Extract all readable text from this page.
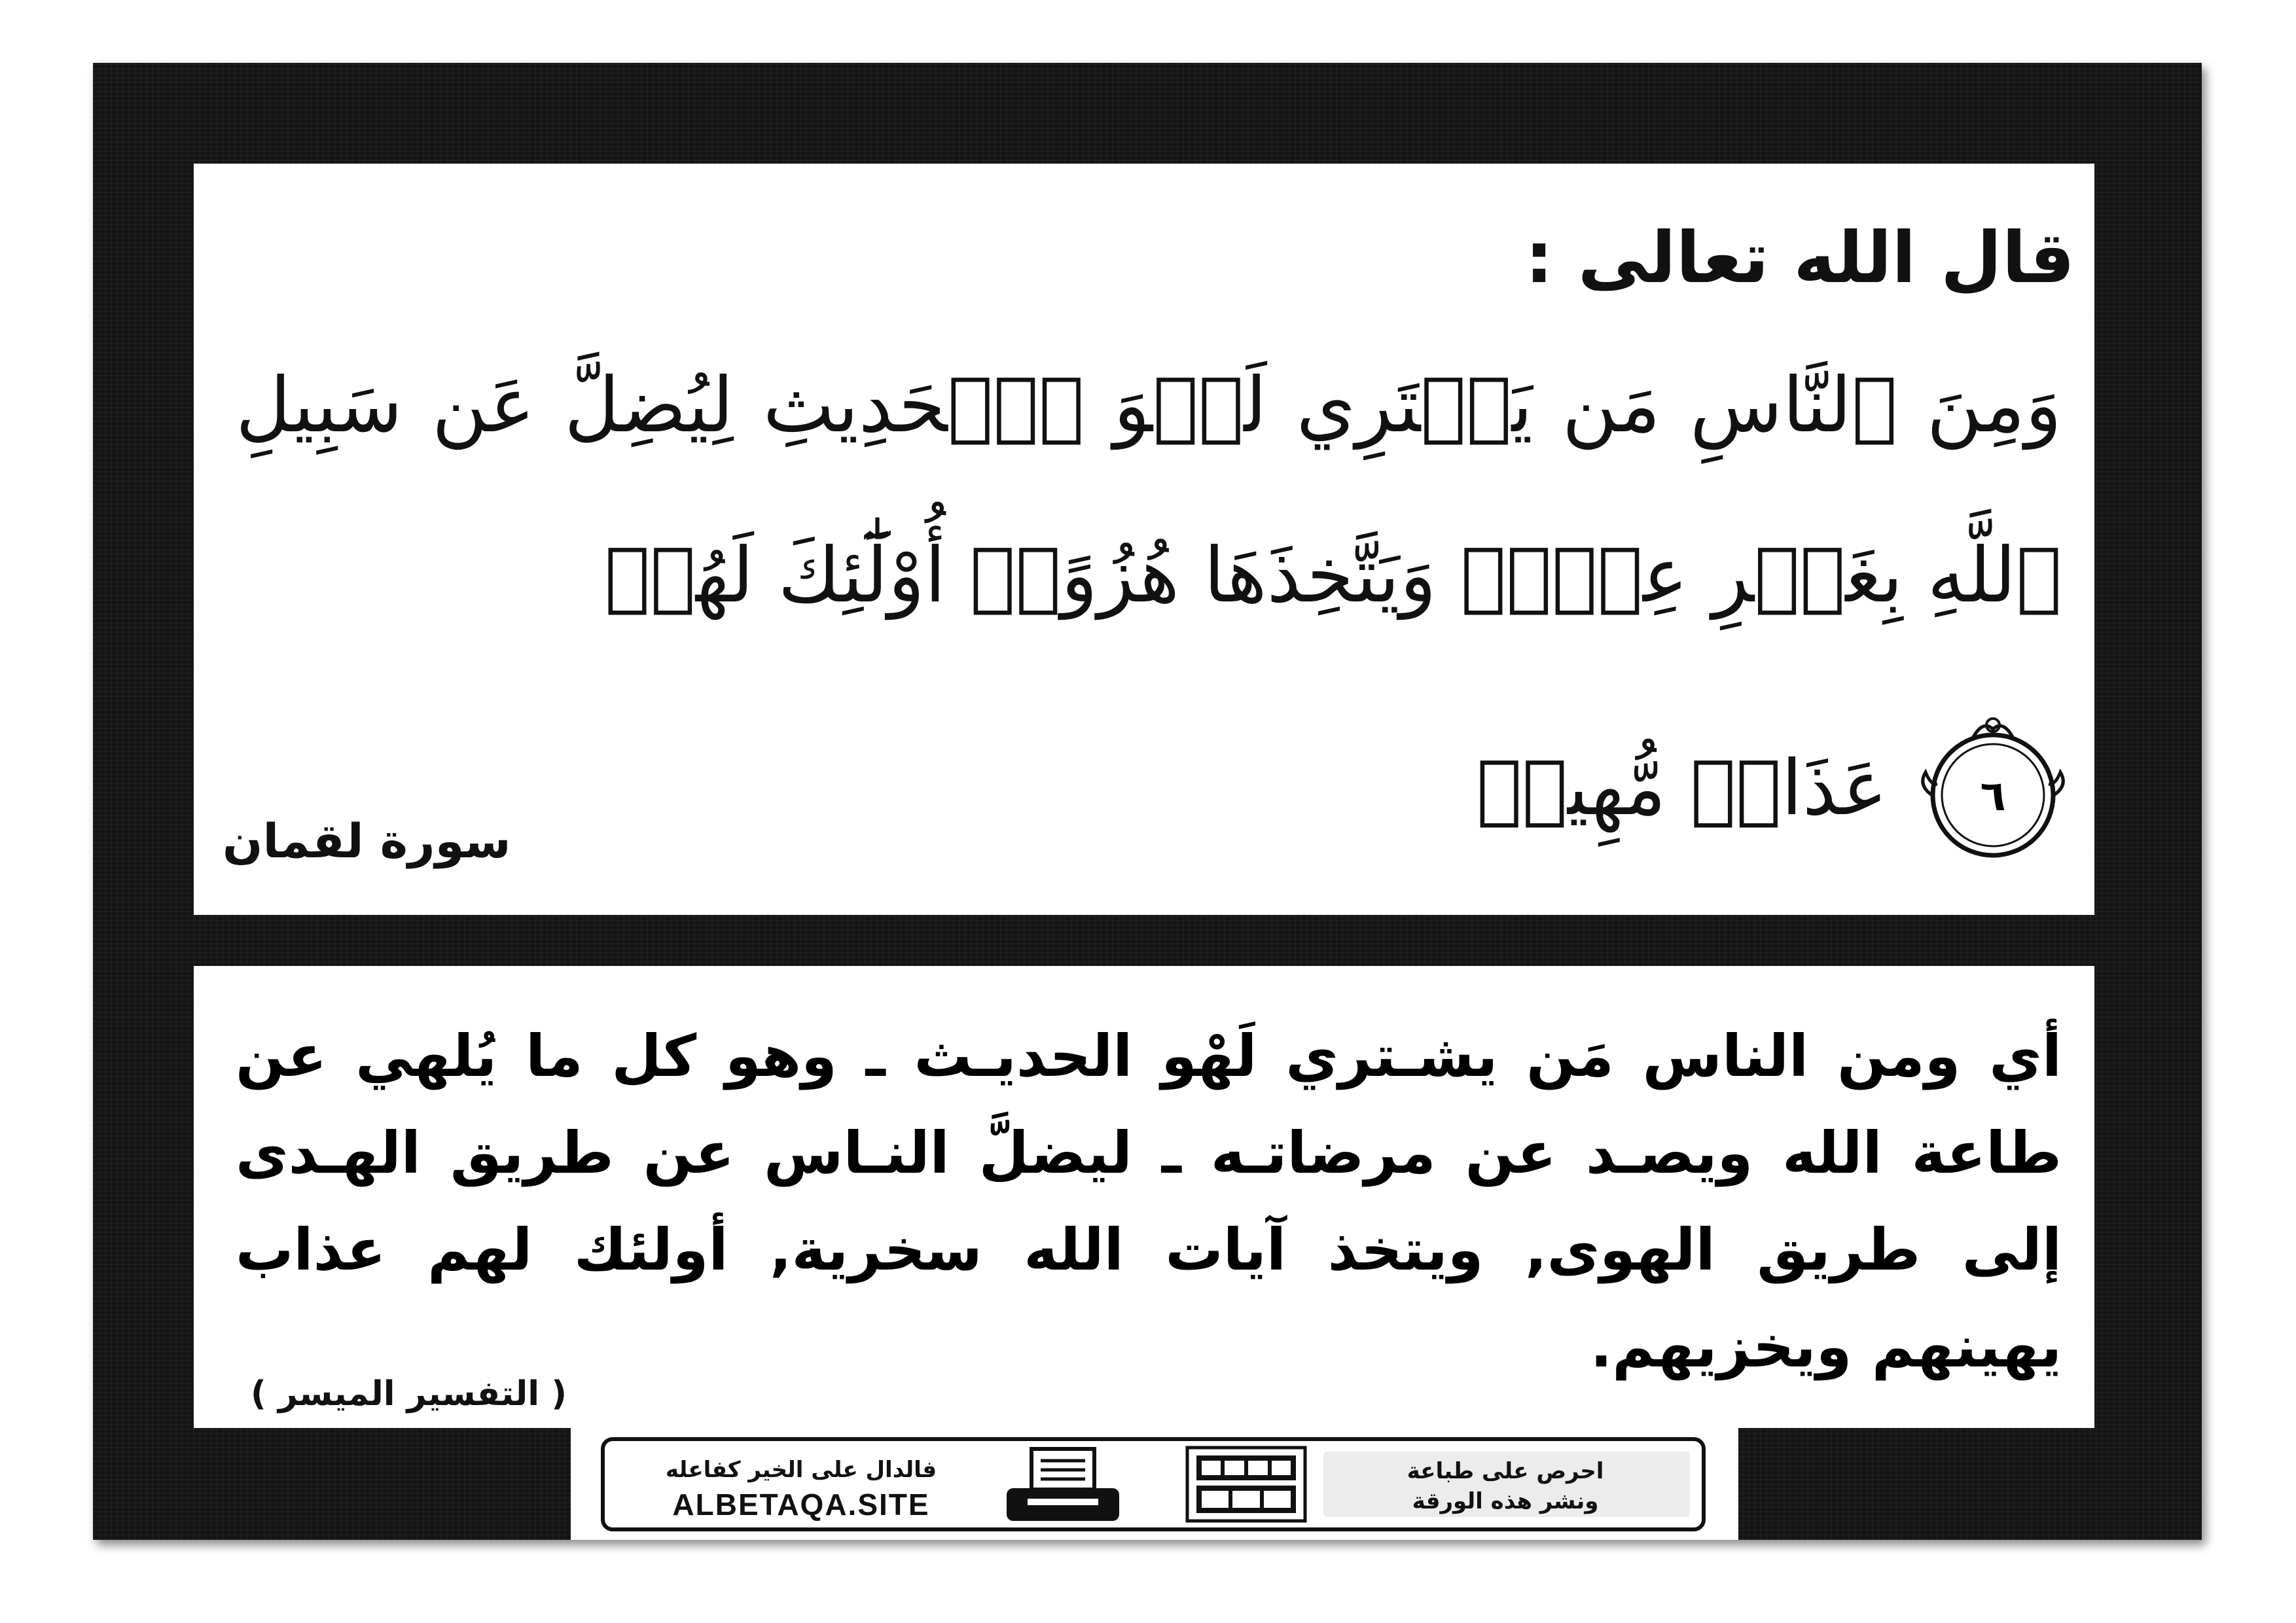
قال الله تعالى :
وَمِنَ ٱلنَّاسِ مَن يَشۡتَرِي لَهۡوَ ٱلۡحَدِيثِ لِيُضِلَّ عَن سَبِيلِ ٱللَّهِ بِغَيۡرِ عِلۡمٖ وَيَتَّخِذَهَا هُزُوًاۚ أُوْلَٰٓئِكَ لَهُمۡ
عَذَابٞ مُّهِينٞ ٦
سورة لقمان
أي ومن الناس مَن يشـتري لَهْو الحديـث ـ وهو كل ما يُلهي عن طاعة الله ويصـد عن مرضاتـه ـ ليضلَّ النـاس عن طريق الهـدى إلى طريق الهوى, ويتخذ آيات الله سخرية, أولئك لهم عذاب يهينهم ويخزيهم.
( التفسير الميسر )
فالدال على الخير كفاعله
ALBETAQA.SITE
احرص على طباعة
ونشر هذه الورقة
